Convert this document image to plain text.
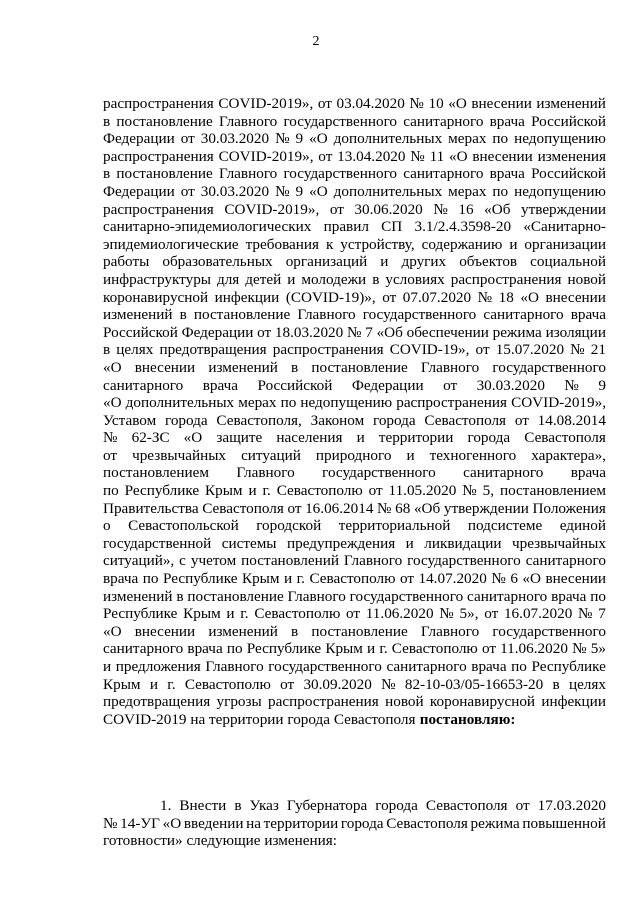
2
распространения COVID-2019», от 03.04.2020 № 10 «О внесении изменений
в постановление Главного государственного санитарного врача Российской
Федерации от 30.03.2020 № 9 «О дополнительных мерах по недопущению
распространения COVID-2019», от 13.04.2020 № 11 «О внесении изменения
в постановление Главного государственного санитарного врача Российской
Федерации от 30.03.2020 № 9 «О дополнительных мерах по недопущению
распространения COVID-2019», от 30.06.2020 № 16 «Об утверждении
санитарно-эпидемиологических правил СП 3.1/2.4.3598-20 «Санитарно-
эпидемиологические требования к устройству, содержанию и организации
работы образовательных организаций и других объектов социальной
инфраструктуры для детей и молодежи в условиях распространения новой
коронавирусной инфекции (COVID-19)», от 07.07.2020 № 18 «О внесении
изменений в постановление Главного государственного санитарного врача
Российской Федерации от 18.03.2020 № 7 «Об обеспечении режима изоляции
в целях предотвращения распространения COVID-19», от 15.07.2020 № 21
«О внесении изменений в постановление Главного государственного
санитарного врача Российской Федерации от 30.03.2020 № 9
«О дополнительных мерах по недопущению распространения COVID-2019»,
Уставом города Севастополя, Законом города Севастополя от 14.08.2014
№ 62-ЗС «О защите населения и территории города Севастополя
от чрезвычайных ситуаций природного и техногенного характера»,
постановлением Главного государственного санитарного врача
по Республике Крым и г. Севастополю от 11.05.2020 № 5, постановлением
Правительства Севастополя от 16.06.2014 № 68 «Об утверждении Положения
о Севастопольской городской территориальной подсистеме единой
государственной системы предупреждения и ликвидации чрезвычайных
ситуаций», с учетом постановлений Главного государственного санитарного
врача по Республике Крым и г. Севастополю от 14.07.2020 № 6 «О внесении
изменений в постановление Главного государственного санитарного врача по
Республике Крым и г. Севастополю от 11.06.2020 № 5», от 16.07.2020 № 7
«О внесении изменений в постановление Главного государственного
санитарного врача по Республике Крым и г. Севастополю от 11.06.2020 № 5»
и предложения Главного государственного санитарного врача по Республике
Крым и г. Севастополю от 30.09.2020 № 82-10-03/05-16653-20 в целях
предотвращения угрозы распространения новой коронавирусной инфекции
COVID-2019 на территории города Севастополя постановляю:
1. Внести в Указ Губернатора города Севастополя от 17.03.2020
№ 14-УГ «О введении на территории города Севастополя режима повышенной
готовности» следующие изменения:
